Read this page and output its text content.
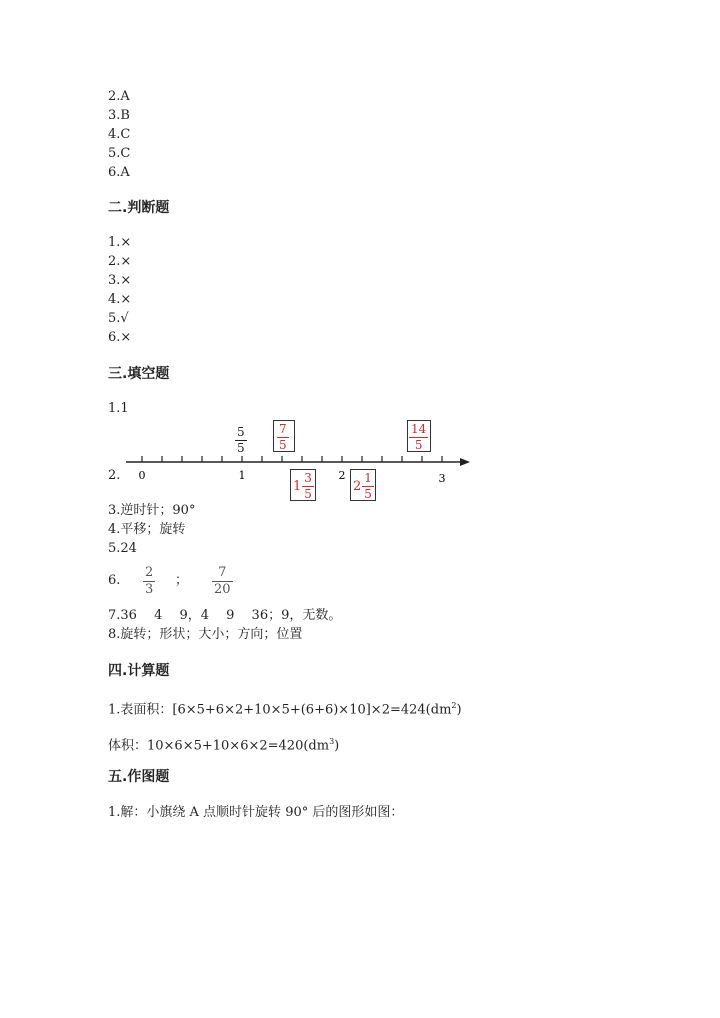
2.A
3.B
4.C
5.C
6.A
二.判断题
1.×
2.×
3.×
4.×
5.√
6.×
三.填空题
1.1
2. 0	1	2	3
5
5
7
5
14
5
$1 \frac{3}{5}$	$2 \frac{1}{5}$
3.逆时针；90°
4.平移；旋转
5.24
6.
2
3
；
7
20
7.36　 4　 9，4　 9　 36；9，无数。
8.旋转；形状；大小；方向；位置
四.计算题
1.表面积：$[6\times 5+6\times 2+10\times 5+(6+6)\times 10]\times 2=424(dm^2)$
体积：$10\times 6\times 5+10\times 6\times 2=420(dm^3)$
五.作图题
1.解：小旗绕 A 点顺时针旋转 90° 后的图形如图：
